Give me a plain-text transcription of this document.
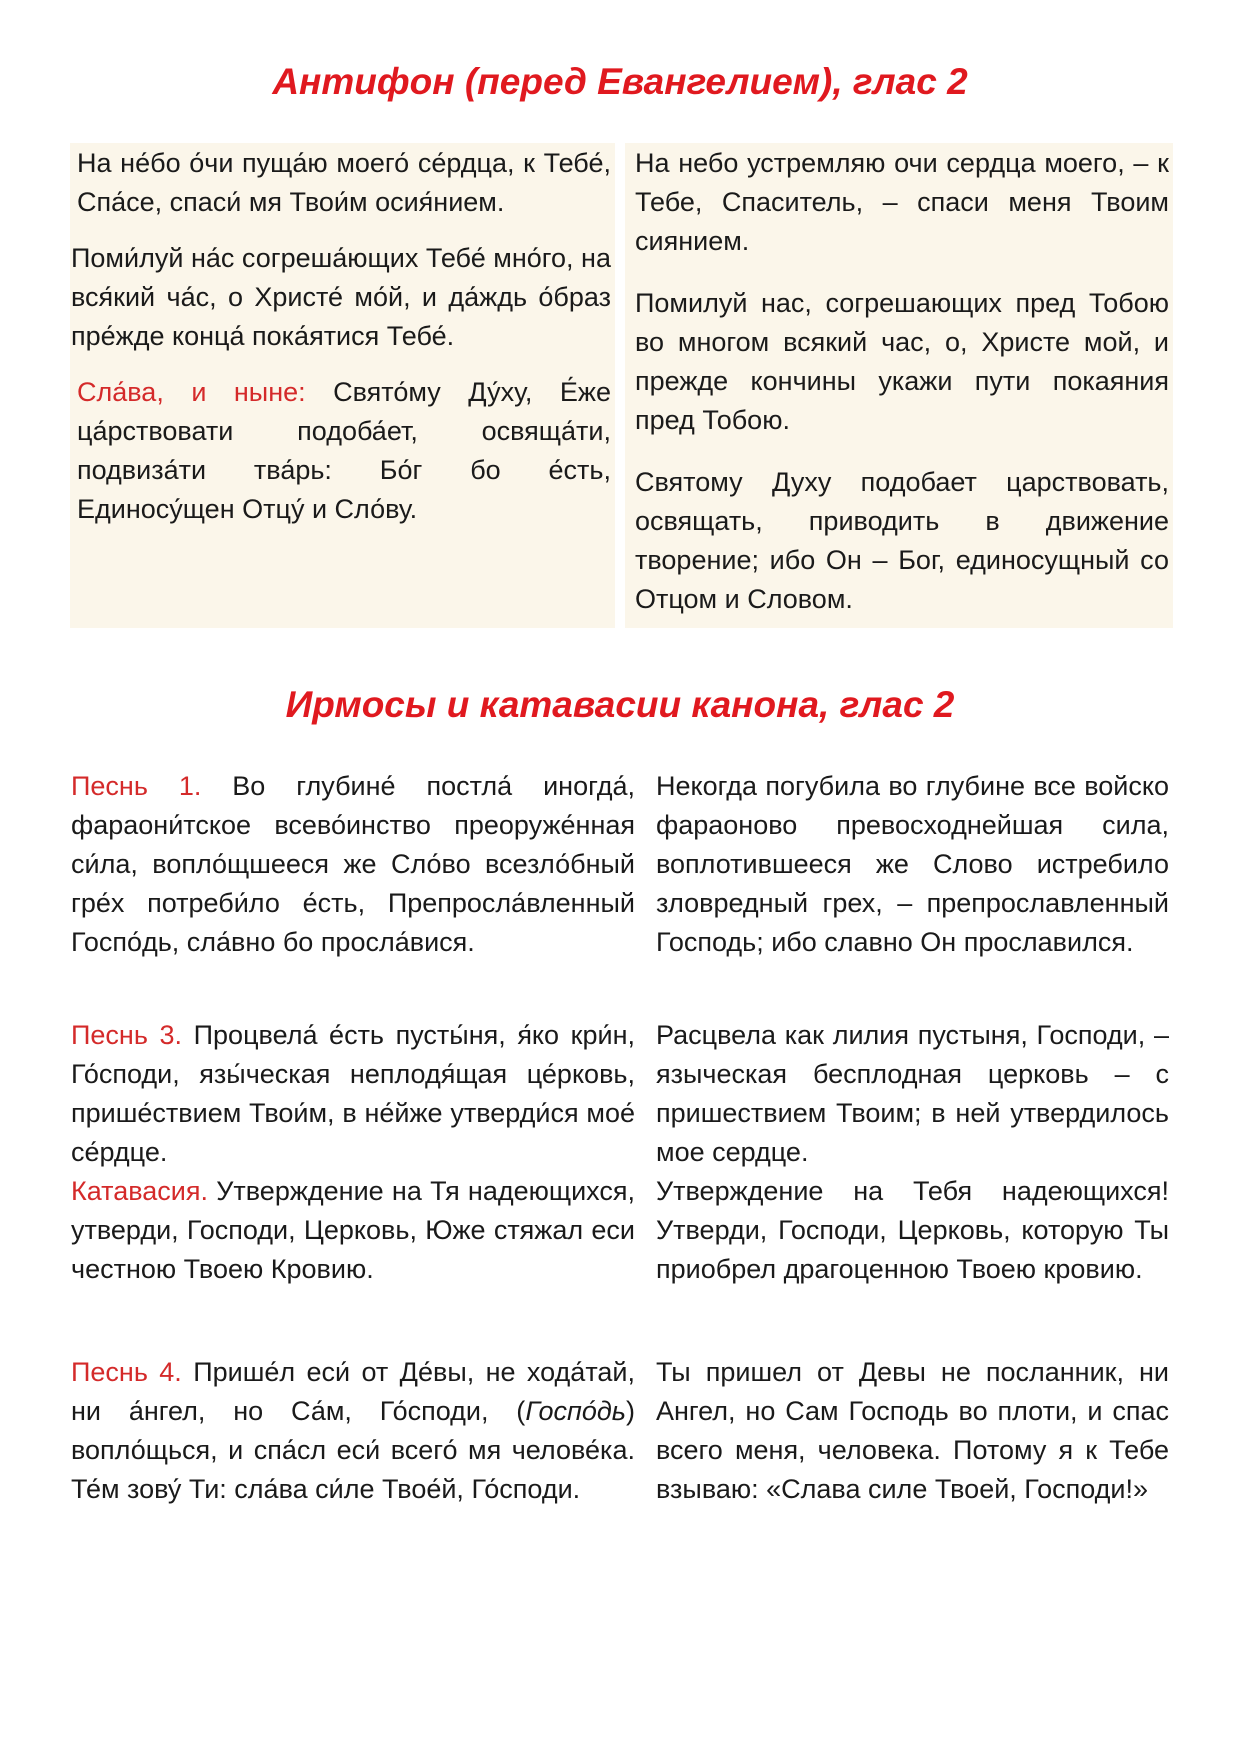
Антифон (перед Евангелием), глас 2

На не́бо о́чи пуща́ю моего́ се́рдца, к Тебе́, Спа́се, спаси́ мя Твои́м осия́нием.

Поми́луй на́с согреша́ющих Тебе́ мно́го, на вся́кий ча́с, о Христе́ мо́й, и да́ждь о́браз пре́жде конца́ пока́ятися Тебе́.

Сла́ва, и ныне: Свято́му Ду́ху, Е́же ца́рствовати подоба́ет, освяща́ти, подвиза́ти тва́рь: Бо́г бо е́сть, Единосу́щен Отцу́ и Сло́ву.

На небо устремляю очи сердца моего, – к Тебе, Спаситель, – спаси меня Твоим сиянием.

Помилуй нас, согрешающих пред Тобою во многом всякий час, о, Христе мой, и прежде кончины укажи пути покаяния пред Тобою.

Святому Духу подобает царствовать, освящать, приводить в движение творение; ибо Он – Бог, единосущный со Отцом и Словом.

Ирмосы и катавасии канона, глас 2

Песнь 1. Во глубине́ постла́ иногда́, фараони́тское всево́инство преоруже́нная си́ла, вопло́щшееся же Сло́во всезло́бный гре́х потреби́ло е́сть, Препросла́вленный Госпо́дь, сла́вно бо просла́вися.

Некогда погубила во глубине все войско фараоново превосходнейшая сила, воплотившееся же Слово истребило зловредный грех, – препрославленный Господь; ибо славно Он прославился.

Песнь 3. Процвела́ е́сть пусты́ня, я́ко кри́н, Го́споди, язы́ческая неплодя́щая це́рковь, прише́ствием Твои́м, в не́йже утверди́ся мое́ се́рдце.

Катавасия. Утверждение на Тя надеющихся, утверди, Господи, Церковь, Юже стяжал еси честною Твоею Кровию.

Расцвела как лилия пустыня, Господи, – языческая бесплодная церковь – с пришествием Твоим; в ней утвердилось мое сердце.

Утверждение на Тебя надеющихся! Утверди, Господи, Церковь, которую Ты приобрел драгоценною Твоею кровию.

Песнь 4. Прише́л еси́ от Де́вы, не хода́тай, ни а́нгел, но Са́м, Го́споди, (Госпо́дь) вопло́щься, и спа́сл еси́ всего́ мя челове́ка. Те́м зову́ Ти: сла́ва си́ле Твое́й, Го́споди.

Ты пришел от Девы не посланник, ни Ангел, но Сам Господь во плоти, и спас всего меня, человека. Потому я к Тебе взываю: «Слава силе Твоей, Господи!»
